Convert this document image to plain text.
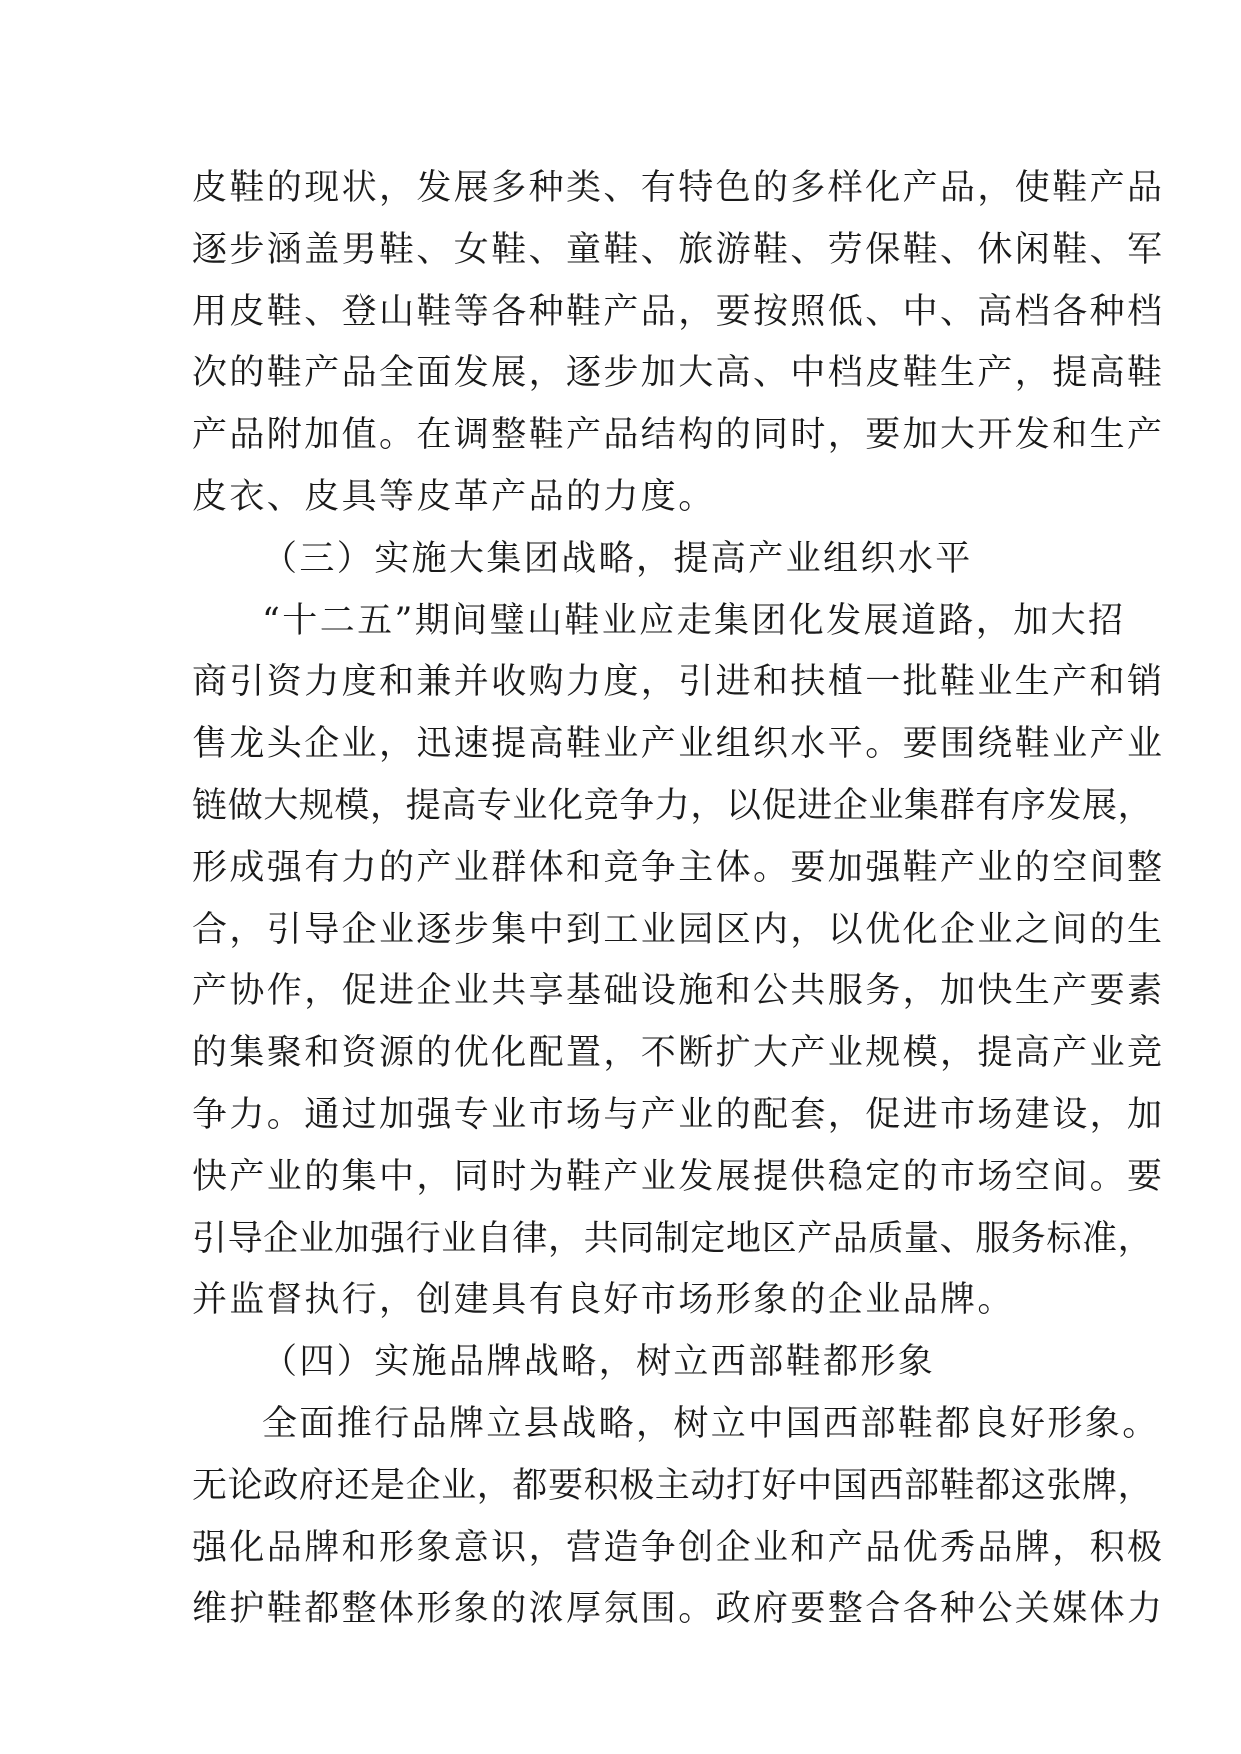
皮鞋的现状，发展多种类、有特色的多样化产品，使鞋产品
逐步涵盖男鞋、女鞋、童鞋、旅游鞋、劳保鞋、休闲鞋、军
用皮鞋、登山鞋等各种鞋产品，要按照低、中、高档各种档
次的鞋产品全面发展，逐步加大高、中档皮鞋生产，提高鞋
产品附加值。在调整鞋产品结构的同时，要加大开发和生产
皮衣、皮具等皮革产品的力度。
（三）实施大集团战略，提高产业组织水平
“十二五”期间璧山鞋业应走集团化发展道路，加大招
商引资力度和兼并收购力度，引进和扶植一批鞋业生产和销
售龙头企业，迅速提高鞋业产业组织水平。要围绕鞋业产业
链做大规模，提高专业化竞争力，以促进企业集群有序发展，
形成强有力的产业群体和竞争主体。要加强鞋产业的空间整
合，引导企业逐步集中到工业园区内，以优化企业之间的生
产协作，促进企业共享基础设施和公共服务，加快生产要素
的集聚和资源的优化配置，不断扩大产业规模，提高产业竞
争力。通过加强专业市场与产业的配套，促进市场建设，加
快产业的集中，同时为鞋产业发展提供稳定的市场空间。要
引导企业加强行业自律，共同制定地区产品质量、服务标准，
并监督执行，创建具有良好市场形象的企业品牌。
（四）实施品牌战略，树立西部鞋都形象
全面推行品牌立县战略，树立中国西部鞋都良好形象。
无论政府还是企业，都要积极主动打好中国西部鞋都这张牌，
强化品牌和形象意识，营造争创企业和产品优秀品牌，积极
维护鞋都整体形象的浓厚氛围。政府要整合各种公关媒体力
